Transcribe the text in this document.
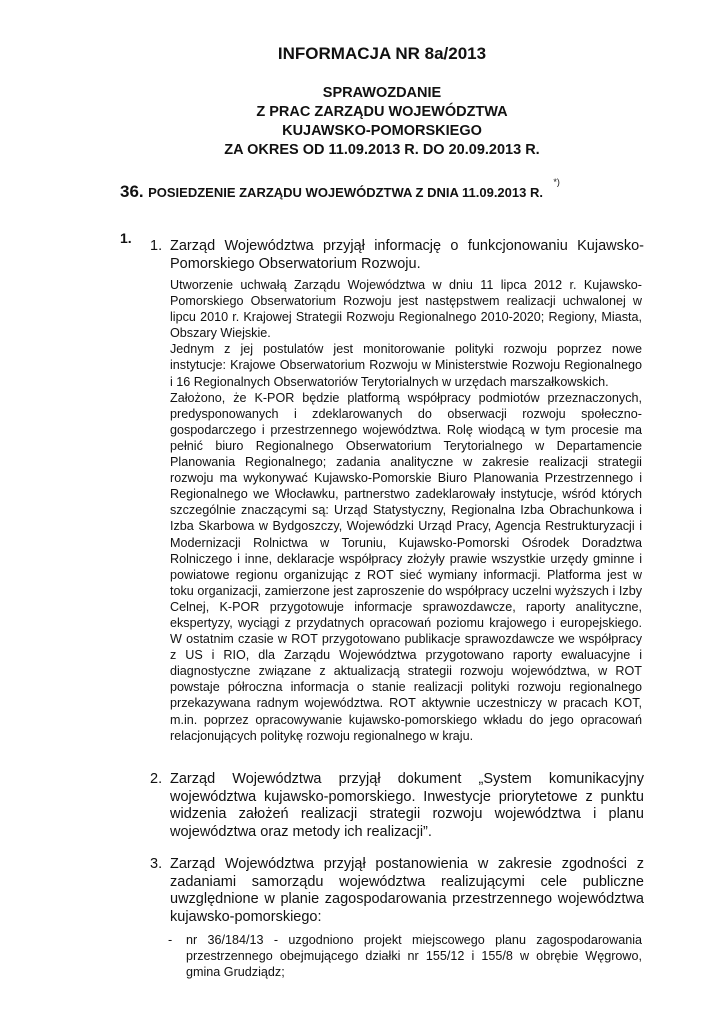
INFORMACJA NR 8a/2013
SPRAWOZDANIE
Z PRAC ZARZĄDU WOJEWÓDZTWA
KUJAWSKO-POMORSKIEGO
ZA OKRES OD 11.09.2013 R. DO 20.09.2013 R.
36. POSIEDZENIE ZARZĄDU WOJEWÓDZTWA Z DNIA 11.09.2013 R. *)
1. 1. Zarząd Województwa przyjął informację o funkcjonowaniu Kujawsko-Pomorskiego Obserwatorium Rozwoju.

Utworzenie uchwałą Zarządu Województwa w dniu 11 lipca 2012 r. Kujawsko-Pomorskiego Obserwatorium Rozwoju jest następstwem realizacji uchwalonej w lipcu 2010 r. Krajowej Strategii Rozwoju Regionalnego 2010-2020; Regiony, Miasta, Obszary Wiejskie.

Jednym z jej postulatów jest monitorowanie polityki rozwoju poprzez nowe instytucje: Krajowe Obserwatorium Rozwoju w Ministerstwie Rozwoju Regionalnego i 16 Regionalnych Obserwatoriów Terytorialnych w urzędach marszałkowskich.

Założono, że K-POR będzie platformą współpracy podmiotów przeznaczonych, predysponowanych i zdeklarowanych do obserwacji rozwoju społeczno-gospodarczego i przestrzennego województwa. Rolę wiodącą w tym procesie ma pełnić biuro Regionalnego Obserwatorium Terytorialnego w Departamencie Planowania Regionalnego; zadania analityczne w zakresie realizacji strategii rozwoju ma wykonywać Kujawsko-Pomorskie Biuro Planowania Przestrzennego i Regionalnego we Włocławku, partnerstwo zadeklarowały instytucje, wśród których szczególnie znaczącymi są: Urząd Statystyczny, Regionalna Izba Obrachunkowa i Izba Skarbowa w Bydgoszczy, Wojewódzki Urząd Pracy, Agencja Restrukturyzacji i Modernizacji Rolnictwa w Toruniu, Kujawsko-Pomorski Ośrodek Doradztwa Rolniczego i inne, deklaracje współpracy złożyły prawie wszystkie urzędy gminne i powiatowe regionu organizując z ROT sieć wymiany informacji. Platforma jest w toku organizacji, zamierzone jest zaproszenie do współpracy uczelni wyższych i Izby Celnej, K-POR przygotowuje informacje sprawozdawcze, raporty analityczne, ekspertyzy, wyciągi z przydatnych opracowań poziomu krajowego i europejskiego. W ostatnim czasie w ROT przygotowano publikacje sprawozdawcze we współpracy z US i RIO, dla Zarządu Województwa przygotowano raporty ewaluacyjne i diagnostyczne związane z aktualizacją strategii rozwoju województwa, w ROT powstaje półroczna informacja o stanie realizacji polityki rozwoju regionalnego przekazywana radnym województwa. ROT aktywnie uczestniczy w pracach KOT, m.in. poprzez opracowywanie kujawsko-pomorskiego wkładu do jego opracowań relacjonujących politykę rozwoju regionalnego w kraju.

2. Zarząd Województwa przyjął dokument „System komunikacyjny województwa kujawsko-pomorskiego. Inwestycje priorytetowe z punktu widzenia założeń realizacji strategii rozwoju województwa i planu województwa oraz metody ich realizacji”.
3. Zarząd Województwa przyjął postanowienia w zakresie zgodności z zadaniami samorządu województwa realizującymi cele publiczne uwzględnione w planie zagospodarowania przestrzennego województwa kujawsko-pomorskiego:
- nr 36/184/13 - uzgodniono projekt miejscowego planu zagospodarowania przestrzennego obejmującego działki nr 155/12 i 155/8 w obrębie Węgrowo, gmina Grudziądz;
